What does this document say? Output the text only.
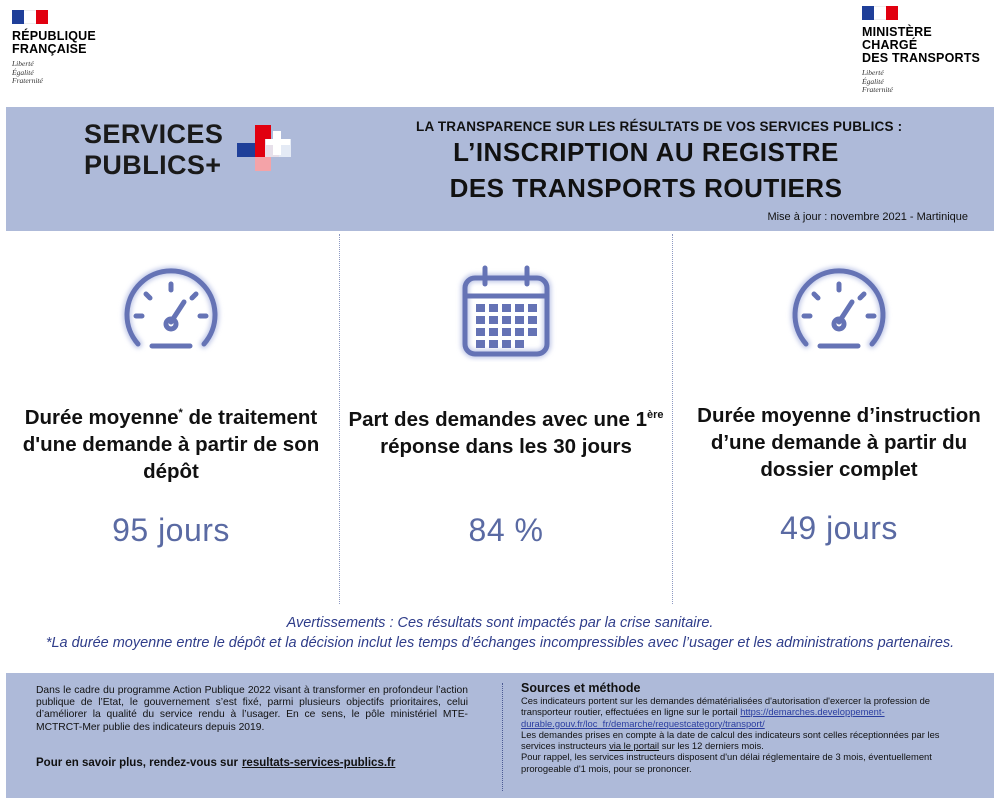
RÉPUBLIQUE
FRANÇAISE
Liberté
Égalité
Fraternité
MINISTÈRE
CHARGÉ
DES TRANSPORTS
Liberté
Égalité
Fraternité
SERVICES
PUBLICS+
LA TRANSPARENCE SUR LES RÉSULTATS DE VOS SERVICES PUBLICS :
L’INSCRIPTION AU REGISTRE
DES TRANSPORTS ROUTIERS
Mise à jour : novembre 2021 - Martinique
Durée moyenne* de traitement d'une demande à partir de son dépôt
95 jours
Part des demandes avec une 1ère réponse dans les 30 jours
84 %
Durée moyenne d’instruction d’une demande à partir du dossier complet
49 jours
Avertissements : Ces résultats sont impactés par la crise sanitaire.
*La durée moyenne entre le dépôt et la décision inclut les temps d’échanges incompressibles avec l’usager et les administrations partenaires.
Dans le cadre du programme Action Publique 2022 visant à transformer en profondeur l’action publique de l’Etat, le gouvernement s’est fixé, parmi plusieurs objectifs prioritaires, celui d’améliorer la qualité du service rendu à l’usager. En ce sens, le pôle ministériel MTE-MCTRCT-Mer publie des indicateurs depuis 2019.
Pour en savoir plus, rendez-vous sur resultats-services-publics.fr
Sources et méthode
Ces indicateurs portent sur les demandes dématérialisées d'autorisation d'exercer la profession de transporteur routier, effectuées en ligne sur le portail https://demarches.developpement-durable.gouv.fr/loc_fr/demarche/requestcategory/transport/
Les demandes prises en compte à la date de calcul des indicateurs sont celles réceptionnées par les services instructeurs via le portail sur les 12 derniers mois.
Pour rappel, les services instructeurs disposent d'un délai réglementaire de 3 mois, éventuellement prorogeable d'1 mois, pour se prononcer.
